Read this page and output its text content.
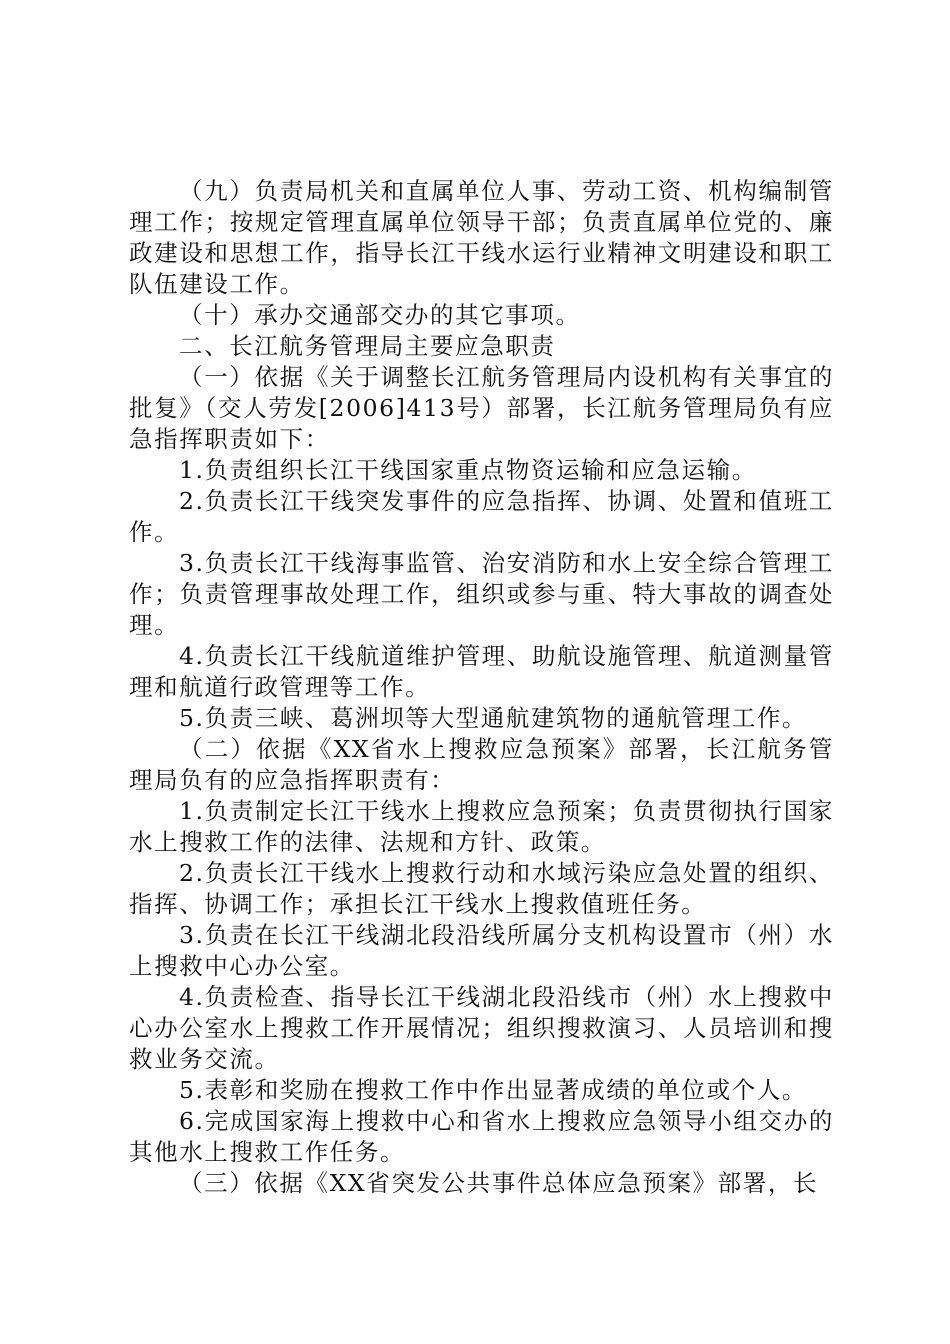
（九）负责局机关和直属单位人事、劳动工资、机构编制管理工作；按规定管理直属单位领导干部；负责直属单位党的、廉政建设和思想工作，指导长江干线水运行业精神文明建设和职工队伍建设工作。

（十）承办交通部交办的其它事项。

二、长江航务管理局主要应急职责

（一）依据《关于调整长江航务管理局内设机构有关事宜的批复》（交人劳发[2006]413号）部署，长江航务管理局负有应急指挥职责如下：

1.负责组织长江干线国家重点物资运输和应急运输。

2.负责长江干线突发事件的应急指挥、协调、处置和值班工作。

3.负责长江干线海事监管、治安消防和水上安全综合管理工作；负责管理事故处理工作，组织或参与重、特大事故的调查处理。

4.负责长江干线航道维护管理、助航设施管理、航道测量管理和航道行政管理等工作。

5.负责三峡、葛洲坝等大型通航建筑物的通航管理工作。

（二）依据《XX省水上搜救应急预案》部署，长江航务管理局负有的应急指挥职责有：

1.负责制定长江干线水上搜救应急预案；负责贯彻执行国家水上搜救工作的法律、法规和方针、政策。

2.负责长江干线水上搜救行动和水域污染应急处置的组织、指挥、协调工作；承担长江干线水上搜救值班任务。

3.负责在长江干线湖北段沿线所属分支机构设置市（州）水上搜救中心办公室。

4.负责检查、指导长江干线湖北段沿线市（州）水上搜救中心办公室水上搜救工作开展情况；组织搜救演习、人员培训和搜救业务交流。

5.表彰和奖励在搜救工作中作出显著成绩的单位或个人。

6.完成国家海上搜救中心和省水上搜救应急领导小组交办的其他水上搜救工作任务。

（三）依据《XX省突发公共事件总体应急预案》部署，长
